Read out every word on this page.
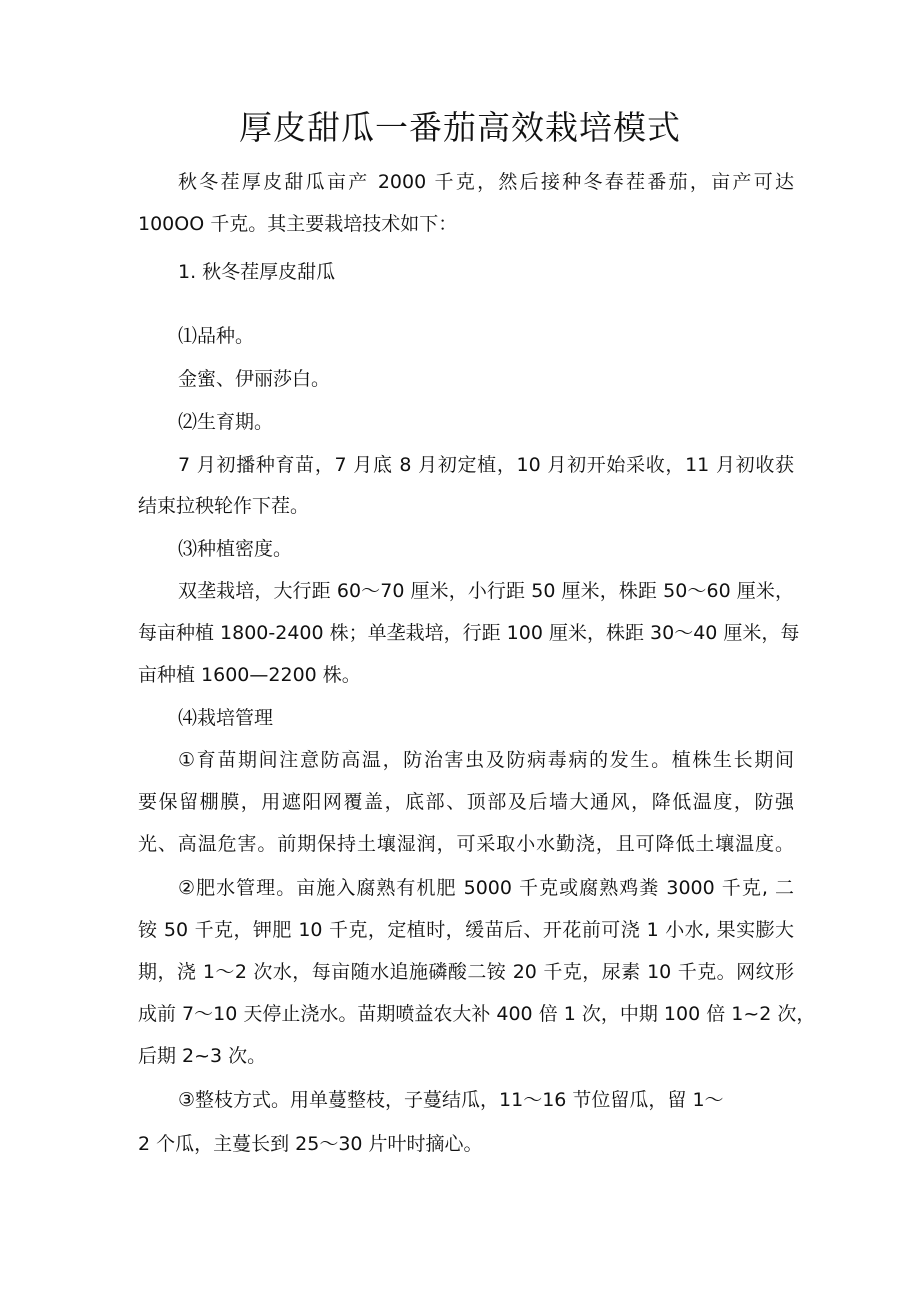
厚皮甜瓜一番茄高效栽培模式
秋冬茬厚皮甜瓜亩产 2000 千克，然后接种冬春茬番茄，亩产可达
100OO 千克。其主要栽培技术如下：
1. 秋冬茬厚皮甜瓜
⑴品种。
金蜜、伊丽莎白。
⑵生育期。
7 月初播种育苗，7 月底 8 月初定植，10 月初开始采收，11 月初收获
结束拉秧轮作下茬。
⑶种植密度。
双垄栽培，大行距 60～70 厘米，小行距 50 厘米，株距 50～60 厘米，
每亩种植 1800-2400 株；单垄栽培，行距 100 厘米，株距 30～40 厘米，每
亩种植 1600—2200 株。
⑷栽培管理
①育苗期间注意防高温，防治害虫及防病毒病的发生。植株生长期间
要保留棚膜，用遮阳网覆盖，底部、顶部及后墙大通风，降低温度，防强
光、高温危害。前期保持土壤湿润，可采取小水勤浇，且可降低土壤温度。
②肥水管理。亩施入腐熟有机肥 5000 千克或腐熟鸡粪 3000 千克, 二
铵 50 千克，钾肥 10 千克，定植时，缓苗后、开花前可浇 1 小水, 果实膨大
期，浇 1～2 次水，每亩随水追施磷酸二铵 20 千克，尿素 10 千克。网纹形
成前 7～10 天停止浇水。苗期喷益农大补 400 倍 1 次，中期 100 倍 1~2 次，
后期 2~3 次。
③整枝方式。用单蔓整枝，子蔓结瓜，11～16 节位留瓜，留 1～
2 个瓜，主蔓长到 25～30 片叶时摘心。
